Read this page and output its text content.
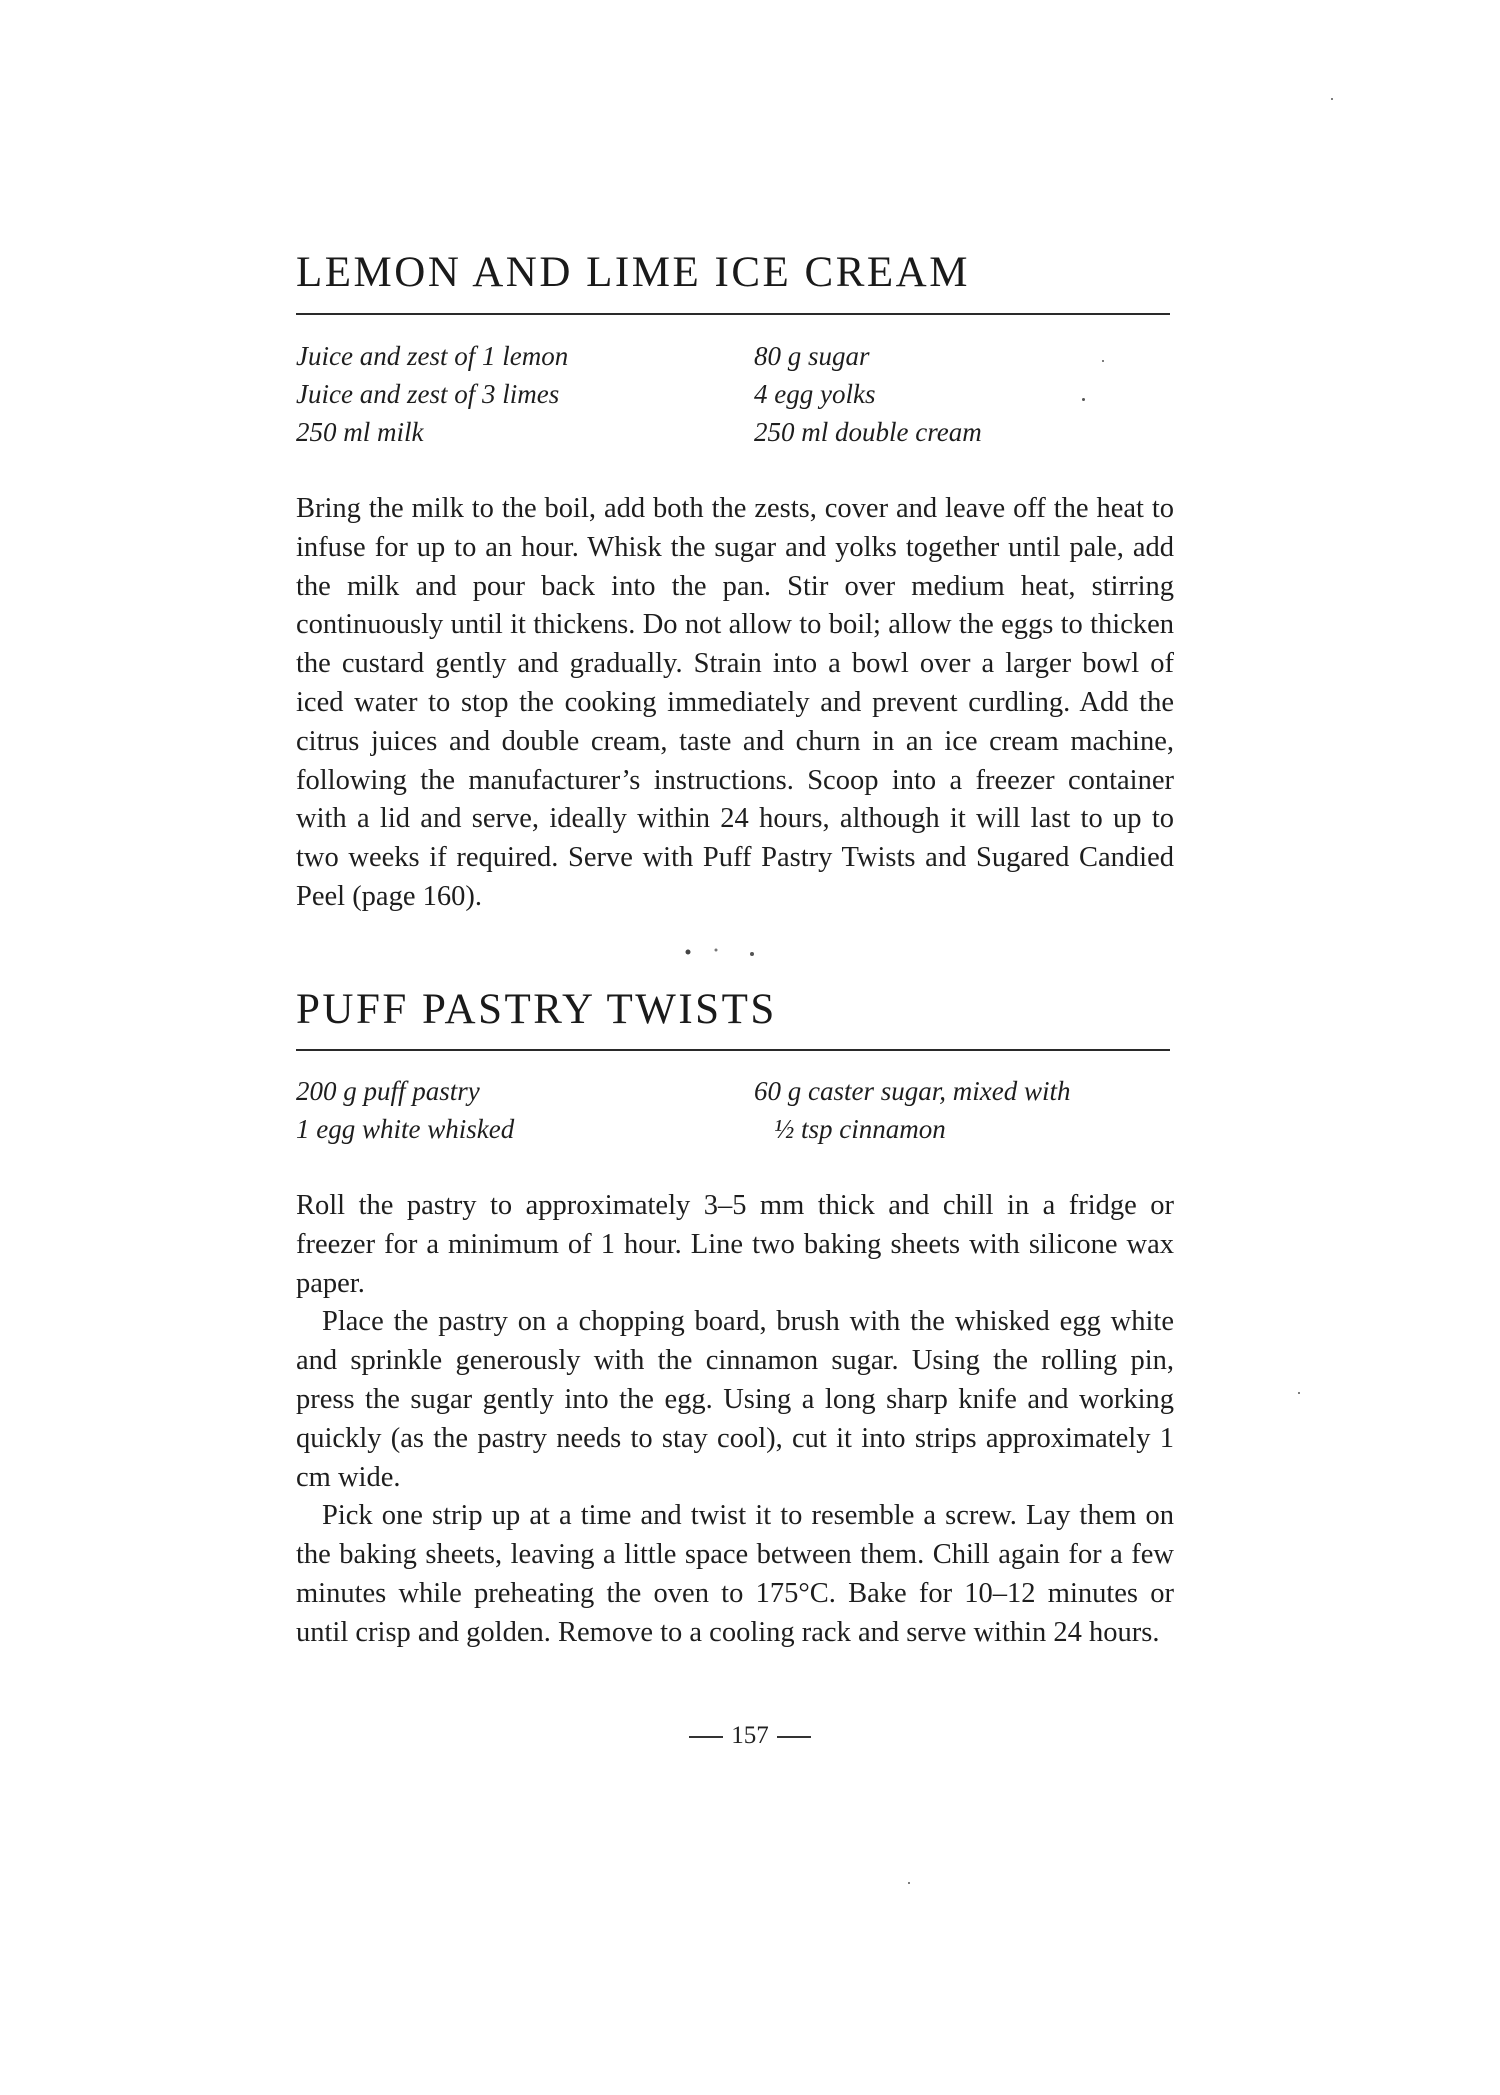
LEMON AND LIME ICE CREAM
Juice and zest of 1 lemon
Juice and zest of 3 limes
250 ml milk
80 g sugar
4 egg yolks
250 ml double cream

Bring the milk to the boil, add both the zests, cover and leave off the heat to infuse for up to an hour. Whisk the sugar and yolks together until pale, add the milk and pour back into the pan. Stir over medium heat, stirring continuously until it thickens. Do not allow to boil; allow the eggs to thicken the custard gently and gradually. Strain into a bowl over a larger bowl of iced water to stop the cooking immediately and prevent curdling. Add the citrus juices and double cream, taste and churn in an ice cream machine, following the manufacturer’s instructions. Scoop into a freezer container with a lid and serve, ideally within 24 hours, although it will last to up to two weeks if required. Serve with Puff Pastry Twists and Sugared Candied Peel (page 160).

PUFF PASTRY TWISTS
200 g puff pastry
1 egg white whisked
60 g caster sugar, mixed with
½ tsp cinnamon

Roll the pastry to approximately 3–5 mm thick and chill in a fridge or freezer for a minimum of 1 hour. Line two baking sheets with silicone wax paper.

Place the pastry on a chopping board, brush with the whisked egg white and sprinkle generously with the cinnamon sugar. Using the rolling pin, press the sugar gently into the egg. Using a long sharp knife and working quickly (as the pastry needs to stay cool), cut it into strips approximately 1 cm wide.

Pick one strip up at a time and twist it to resemble a screw. Lay them on the baking sheets, leaving a little space between them. Chill again for a few minutes while preheating the oven to 175°C. Bake for 10–12 minutes or until crisp and golden. Remove to a cooling rack and serve within 24 hours.

157
